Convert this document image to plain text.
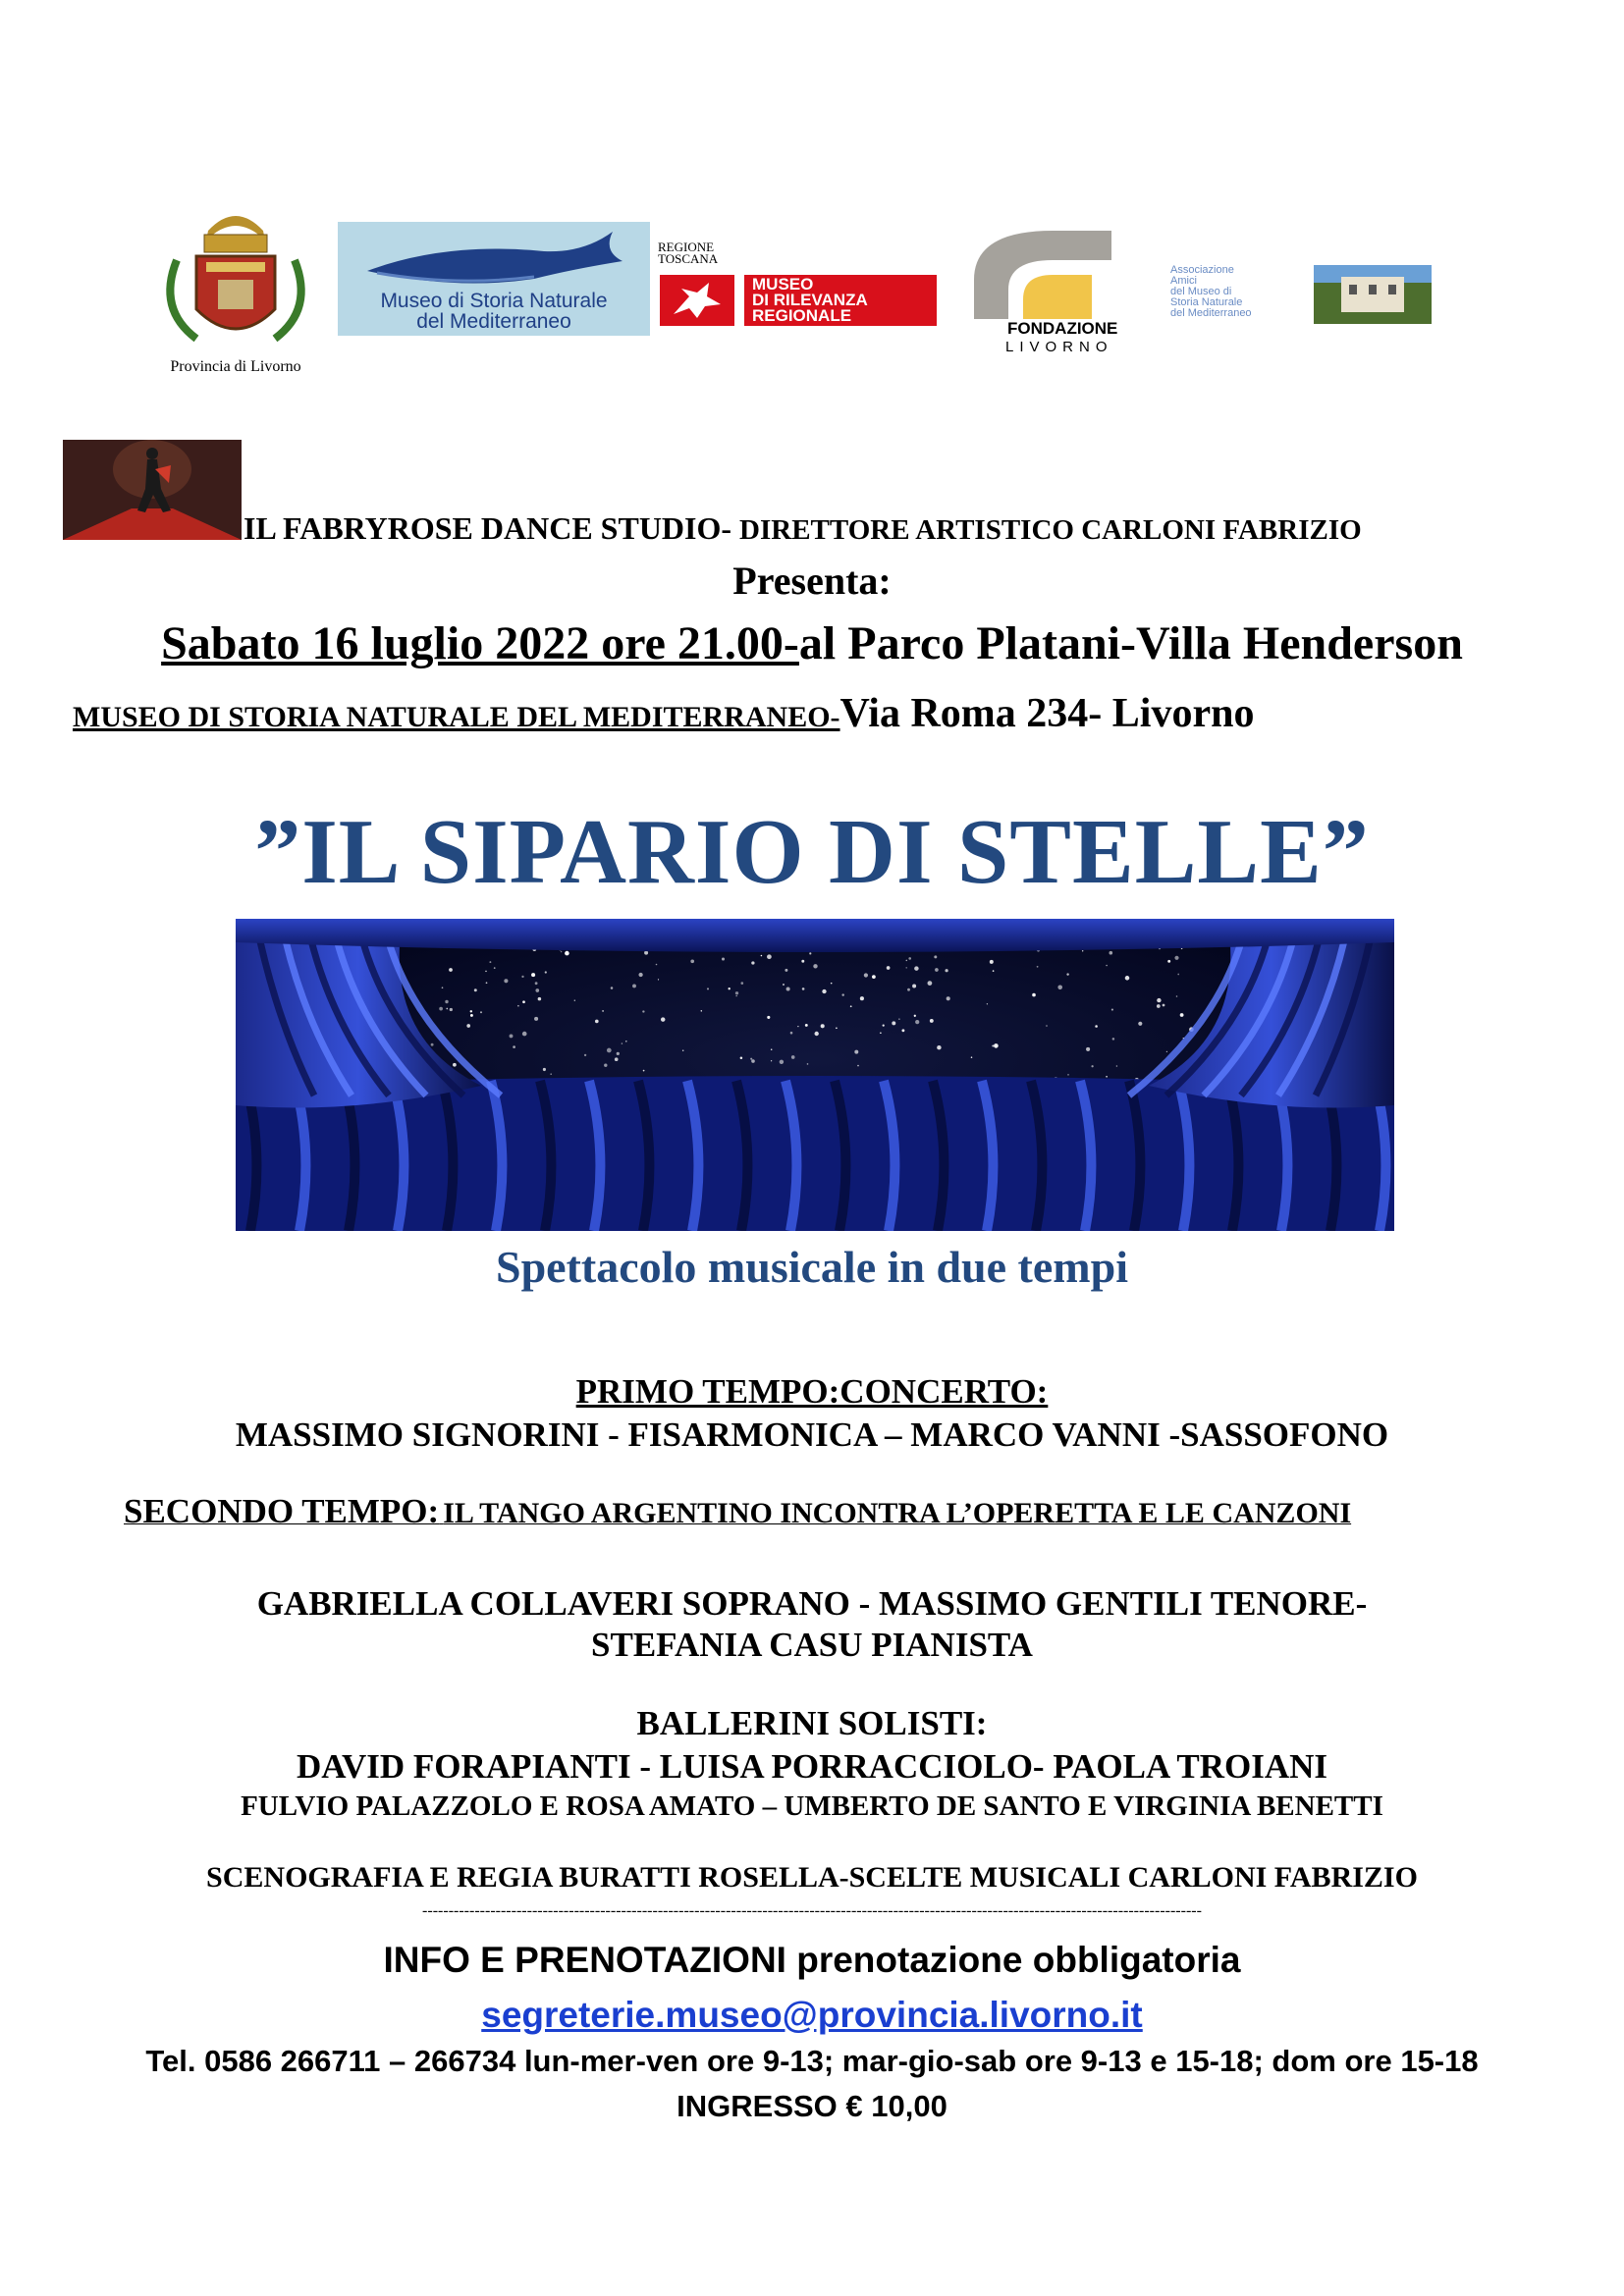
Provincia di Livorno
Museo di Storia Naturale
del Mediterraneo
REGIONE
TOSCANA
MUSEO
DI RILEVANZA
REGIONALE
FONDAZIONE
LIVORNO
Associazione
Amici
del Museo di
Storia Naturale
del Mediterraneo
IL FABRYROSE DANCE STUDIO- DIRETTORE ARTISTICO CARLONI FABRIZIO
Presenta:
Sabato 16 luglio 2022 ore 21.00-al Parco Platani-Villa Henderson
MUSEO DI STORIA NATURALE DEL MEDITERRANEO-Via Roma 234- Livorno
”IL SIPARIO DI STELLE”
Spettacolo musicale in due tempi
PRIMO TEMPO:CONCERTO:
MASSIMO SIGNORINI - FISARMONICA – MARCO VANNI -SASSOFONO
SECONDO TEMPO: IL TANGO ARGENTINO INCONTRA L’OPERETTA E LE CANZONI
GABRIELLA COLLAVERI SOPRANO - MASSIMO GENTILI TENORE-
STEFANIA CASU PIANISTA
BALLERINI SOLISTI:
DAVID FORAPIANTI - LUISA PORRACCIOLO- PAOLA TROIANI
FULVIO PALAZZOLO E ROSA AMATO – UMBERTO DE SANTO E VIRGINIA BENETTI
SCENOGRAFIA E REGIA BURATTI ROSELLA-SCELTE MUSICALI CARLONI FABRIZIO
-----------------------------------------------------------------------------------------------------------------------------------------------------
INFO E PRENOTAZIONI prenotazione obbligatoria
segreterie.museo@provincia.livorno.it
Tel. 0586 266711 – 266734 lun-mer-ven ore 9-13; mar-gio-sab ore 9-13 e 15-18; dom ore 15-18
INGRESSO € 10,00
